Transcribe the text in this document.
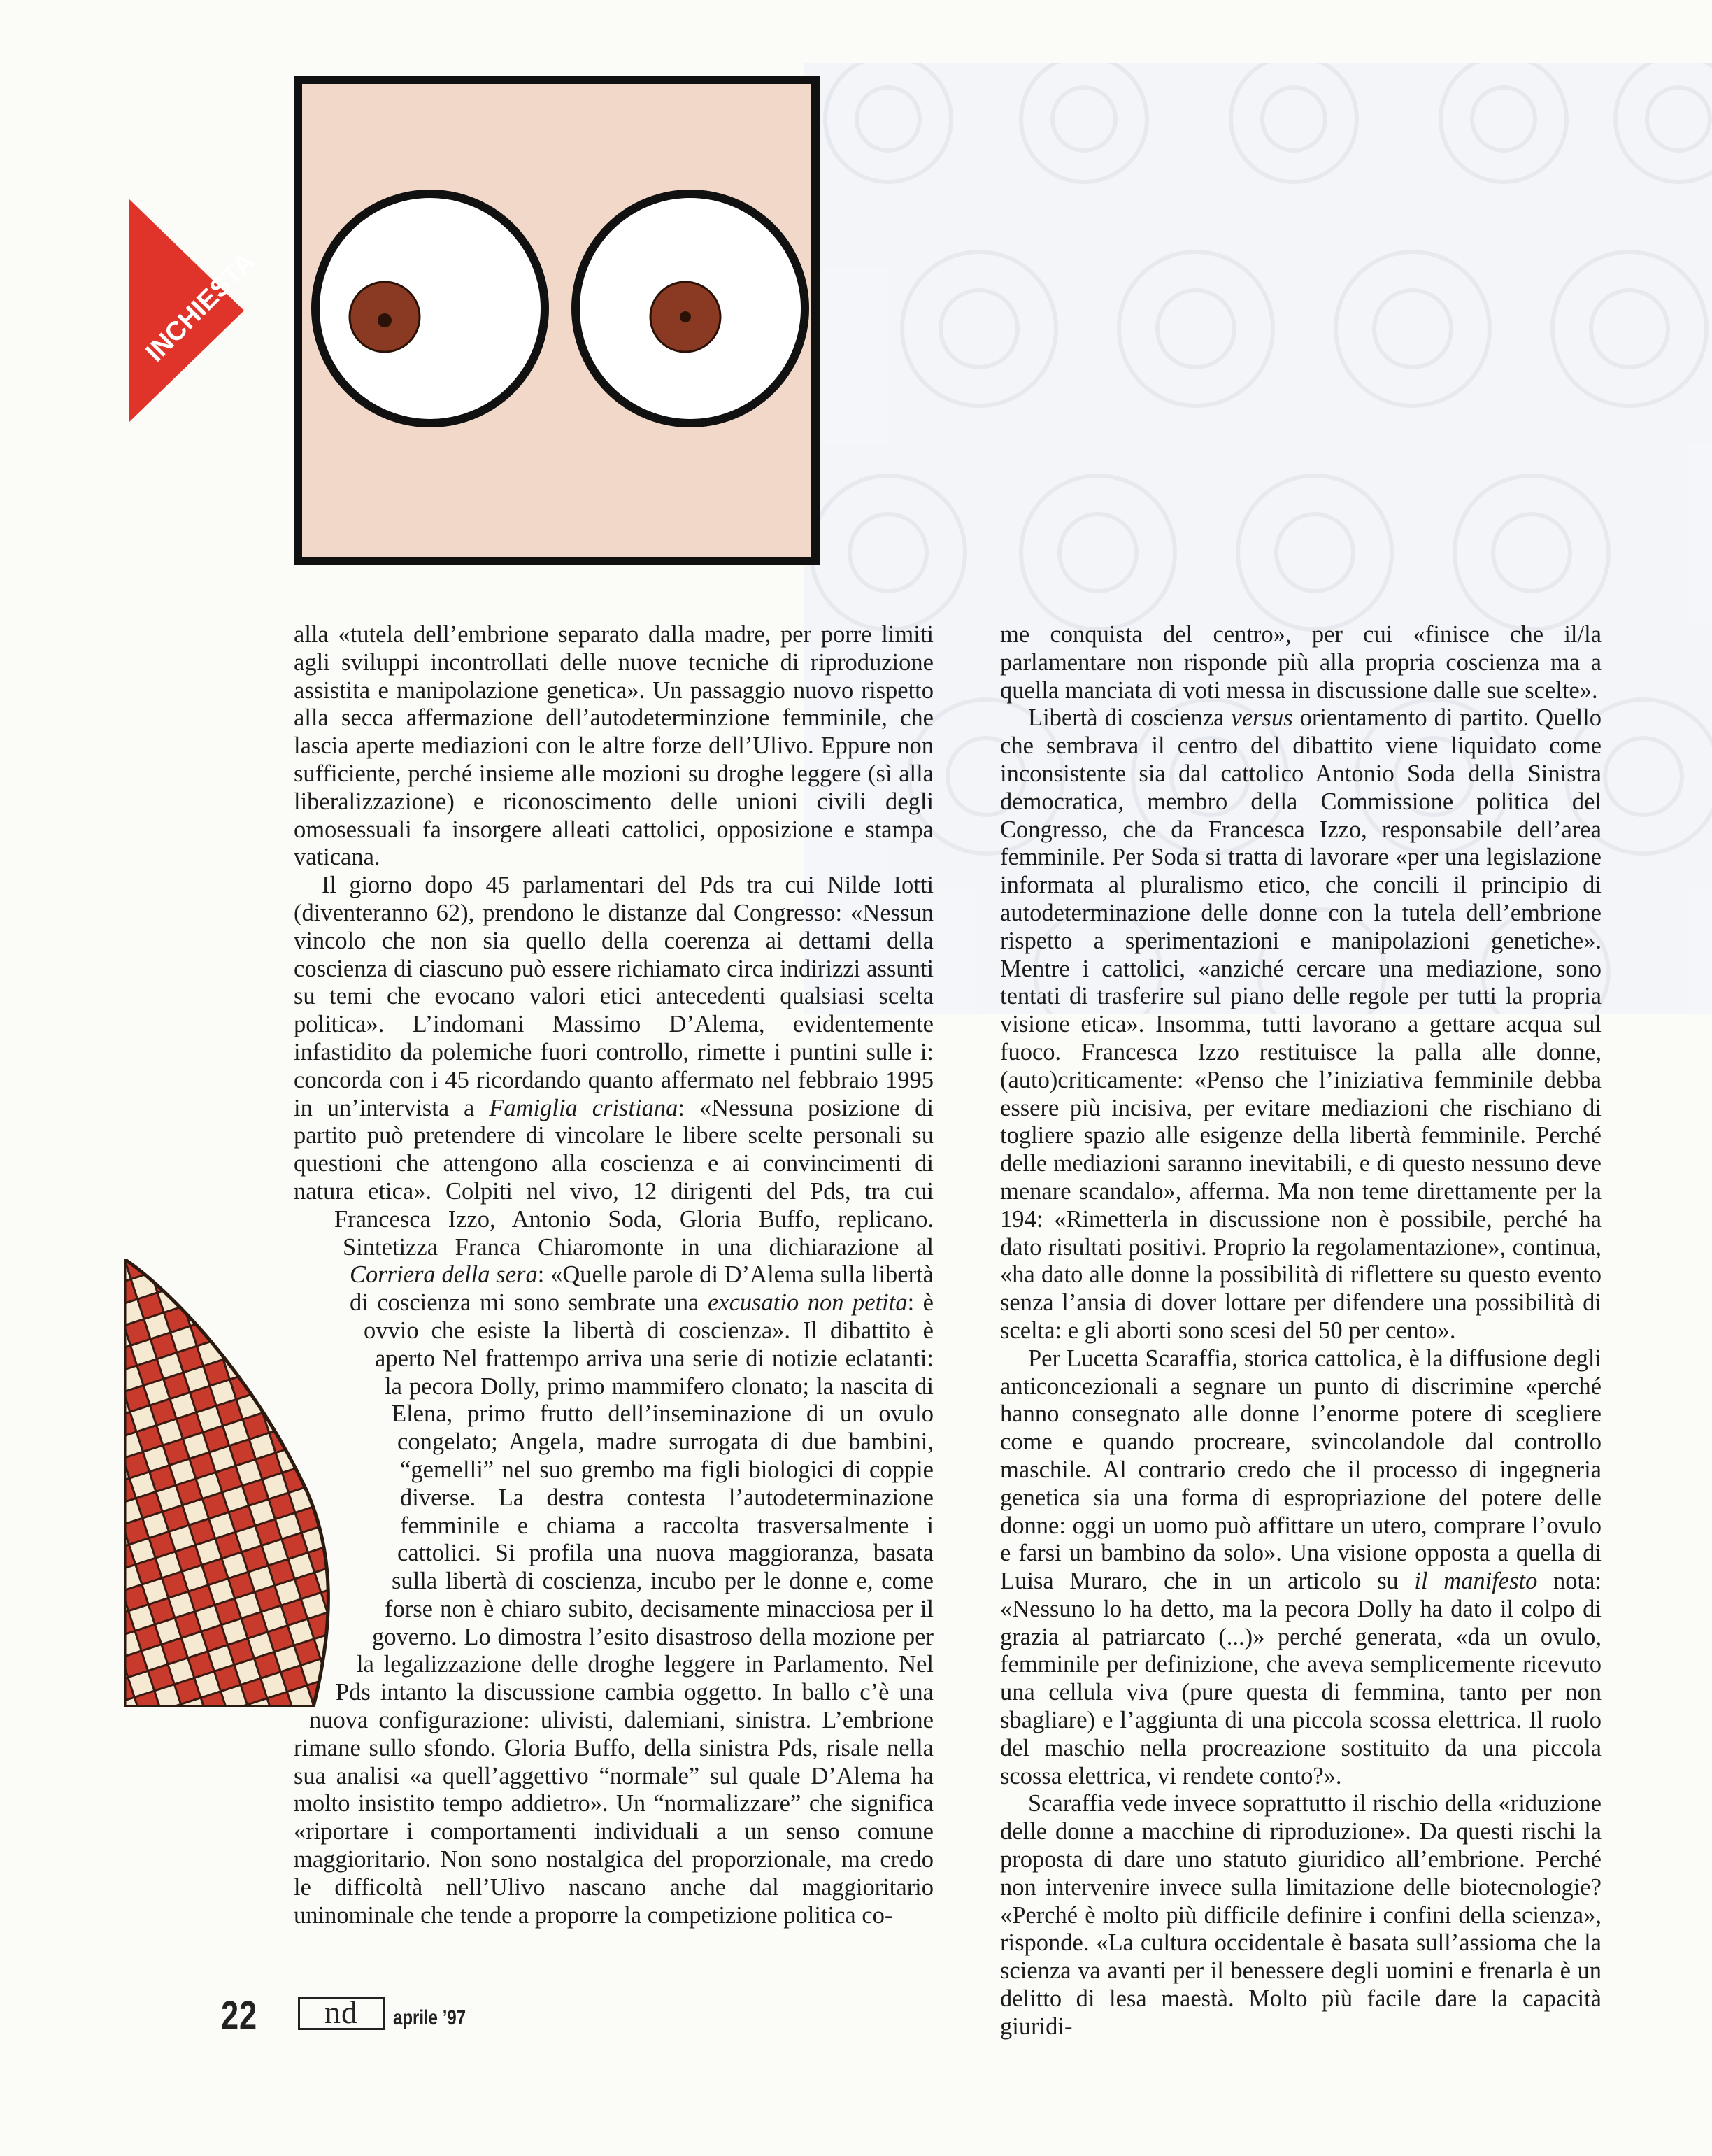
INCHIESTA

alla «tutela dell’embrione separato dalla madre, per porre limiti agli sviluppi incontrollati delle nuove tecniche di riproduzione assistita e manipolazione genetica». Un passaggio nuovo rispetto alla secca affermazione dell’autodeterminzione femminile, che lascia aperte mediazioni con le altre forze dell’Ulivo. Eppure non sufficiente, perché insieme alle mozioni su droghe leggere (sì alla liberalizzazione) e riconoscimento delle unioni civili degli omosessuali fa insorgere alleati cattolici, opposizione e stampa vaticana.

Il giorno dopo 45 parlamentari del Pds tra cui Nilde Iotti (diventeranno 62), prendono le distanze dal Congresso: «Nessun vincolo che non sia quello della coerenza ai dettami della coscienza di ciascuno può essere richiamato circa indirizzi assunti su temi che evocano valori etici antecedenti qualsiasi scelta politica». L’indomani Massimo D’Alema, evidentemente infastidito da polemiche fuori controllo, rimette i puntini sulle i: concorda con i 45 ricordando quanto affermato nel febbraio 1995 in un’intervista a Famiglia cristiana: «Nessuna posizione di partito può pretendere di vincolare le libere scelte personali su questioni che attengono alla coscienza e ai convincimenti di natura etica». Colpiti nel vivo, 12 dirigenti del Pds, tra cui Francesca Izzo, Antonio Soda, Gloria Buffo, replicano. Sintetizza Franca Chiaromonte in una dichiarazione al Corriera della sera: «Quelle parole di D’Alema sulla libertà di coscienza mi sono sembrate una excusatio non petita: è ovvio che esiste la libertà di coscienza». Il dibattito è aperto Nel frattempo arriva una serie di notizie eclatanti: la pecora Dolly, primo mammifero clonato; la nascita di Elena, primo frutto dell’inseminazione di un ovulo congelato; Angela, madre surrogata di due bambini, “gemelli” nel suo grembo ma figli biologici di coppie diverse. La destra contesta l’autodeterminazione femminile e chiama a raccolta trasversalmente i cattolici. Si profila una nuova maggioranza, basata sulla libertà di coscienza, incubo per le donne e, come forse non è chiaro subito, decisamente minacciosa per il governo. Lo dimostra l’esito disastroso della mozione per la legalizzazione delle droghe leggere in Parlamento. Nel Pds intanto la discussione cambia oggetto. In ballo c’è una nuova configurazione: ulivisti, dalemiani, sinistra. L’embrione rimane sullo sfondo. Gloria Buffo, della sinistra Pds, risale nella sua analisi «a quell’aggettivo “normale” sul quale D’Alema ha molto insistito tempo addietro». Un “normalizzare” che significa «riportare i comportamenti individuali a un senso comune maggioritario. Non sono nostalgica del proporzionale, ma credo le difficoltà nell’Ulivo nascano anche dal maggioritario uninominale che tende a proporre la competizione politica co-

me conquista del centro», per cui «finisce che il/la parlamentare non risponde più alla propria coscienza ma a quella manciata di voti messa in discussione dalle sue scelte».

Libertà di coscienza versus orientamento di partito. Quello che sembrava il centro del dibattito viene liquidato come inconsistente sia dal cattolico Antonio Soda della Sinistra democratica, membro della Commissione politica del Congresso, che da Francesca Izzo, responsabile dell’area femminile. Per Soda si tratta di lavorare «per una legislazione informata al pluralismo etico, che concili il principio di autodeterminazione delle donne con la tutela dell’embrione rispetto a sperimentazioni e manipolazioni genetiche». Mentre i cattolici, «anziché cercare una mediazione, sono tentati di trasferire sul piano delle regole per tutti la propria visione etica». Insomma, tutti lavorano a gettare acqua sul fuoco. Francesca Izzo restituisce la palla alle donne, (auto)criticamente: «Penso che l’iniziativa femminile debba essere più incisiva, per evitare mediazioni che rischiano di togliere spazio alle esigenze della libertà femminile. Perché delle mediazioni saranno inevitabili, e di questo nessuno deve menare scandalo», afferma. Ma non teme direttamente per la 194: «Rimetterla in discussione non è possibile, perché ha dato risultati positivi. Proprio la regolamentazione», continua, «ha dato alle donne la possibilità di riflettere su questo evento senza l’ansia di dover lottare per difendere una possibilità di scelta: e gli aborti sono scesi del 50 per cento».

Per Lucetta Scaraffia, storica cattolica, è la diffusione degli anticoncezionali a segnare un punto di discrimine «perché hanno consegnato alle donne l’enorme potere di scegliere come e quando procreare, svincolandole dal controllo maschile. Al contrario credo che il processo di ingegneria genetica sia una forma di espropriazione del potere delle donne: oggi un uomo può affittare un utero, comprare l’ovulo e farsi un bambino da solo». Una visione opposta a quella di Luisa Muraro, che in un articolo su il manifesto nota: «Nessuno lo ha detto, ma la pecora Dolly ha dato il colpo di grazia al patriarcato (...)» perché generata, «da un ovulo, femminile per definizione, che aveva semplicemente ricevuto una cellula viva (pure questa di femmina, tanto per non sbagliare) e l’aggiunta di una piccola scossa elettrica. Il ruolo del maschio nella procreazione sostituito da una piccola scossa elettrica, vi rendete conto?».

Scaraffia vede invece soprattutto il rischio della «riduzione delle donne a macchine di riproduzione». Da questi rischi la proposta di dare uno statuto giuridico all’embrione. Perché non intervenire invece sulla limitazione delle biotecnologie? «Perché è molto più difficile definire i confini della scienza», risponde. «La cultura occidentale è basata sull’assioma che la scienza va avanti per il benessere degli uomini e frenarla è un delitto di lesa maestà. Molto più facile dare la capacità giuridi-

22	nd	aprile ’97
